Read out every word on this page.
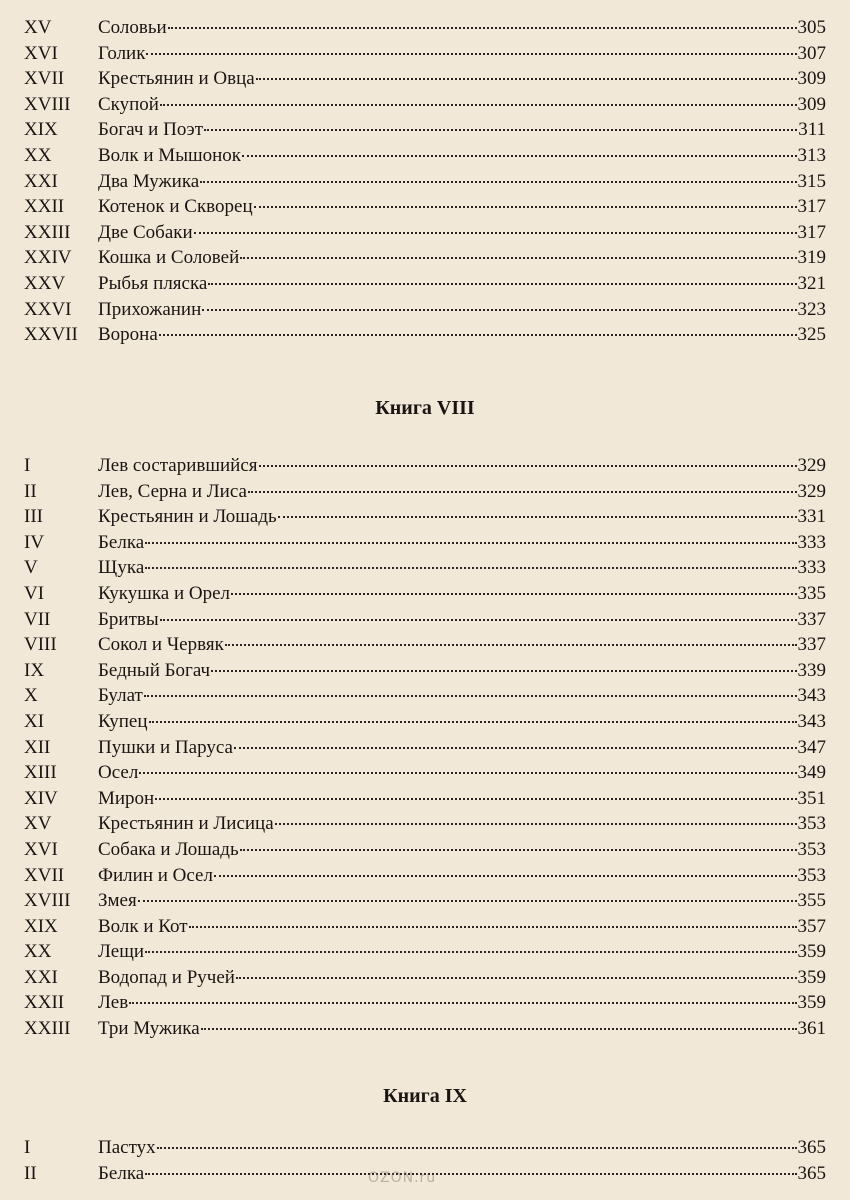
XV Соловьи	305
XVI Голик	307
XVII Крестьянин и Овца	309
XVIII Скупой	309
XIX Богач и Поэт	311
XX Волк и Мышонок	313
XXI Два Мужика	315
XXII Котенок и Скворец	317
XXIII Две Собаки	317
XXIV Кошка и Соловей	319
XXV Рыбья пляска	321
XXVI Прихожанин	323
XXVII Ворона	325
Книга VIII
I	Лев состарившийся	329
II	Лев, Серна и Лиса	329
III	Крестьянин и Лошадь	331
IV	Белка	333
V	Щука	333
VI	Кукушка и Орел	335
VII	Бритвы	337
VIII Сокол и Червяк	337
IX	Бедный Богач	339
X	Булат	343
XI	Купец	343
XII	Пушки и Паруса	347
XIII Осел	349
XIV Мирон	351
XV Крестьянин и Лисица	353
XVI Собака и Лошадь	353
XVII Филин и Осел	353
XVIII Змея	355
XIX Волк и Кот	357
XX Лещи	359
XXI Водопад и Ручей	359
XXII Лев	359
XXIII Три Мужика	361
Книга IX
I	Пастух	365
II	Белка	365
OZON.ru
